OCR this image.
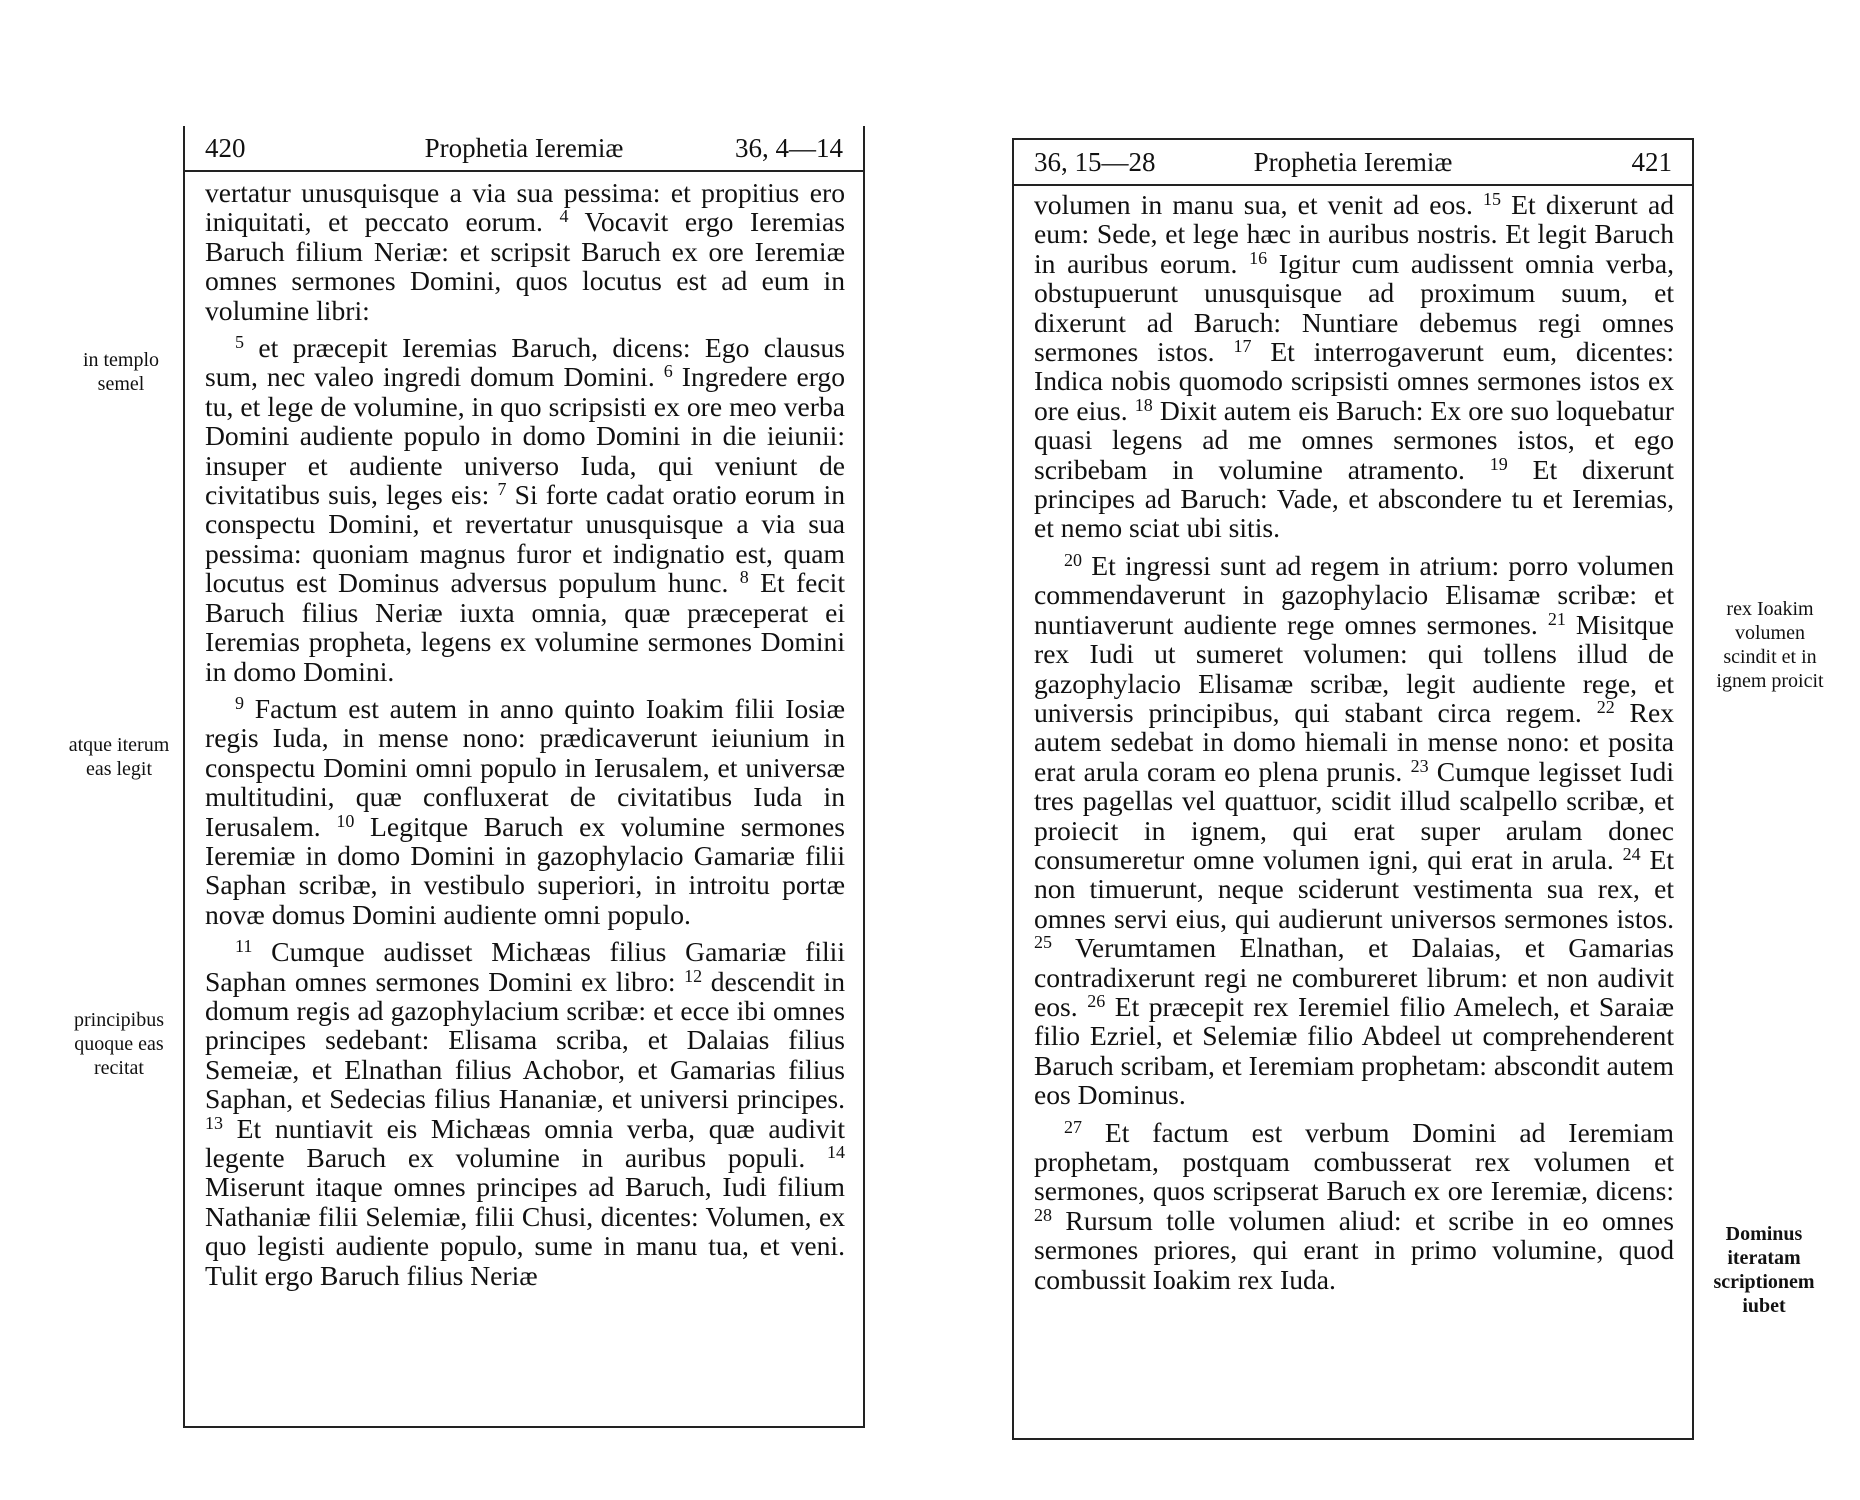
420	Prophetia Ieremiæ	36, 4—14

vertatur unusquisque a via sua pessima: et propitius ero iniquitati, et peccato eorum. $^4$ Vocavit ergo Ieremias Baruch filium Neriæ: et scripsit Baruch ex ore Ieremiæ omnes sermones Domini, quos locutus est ad eum in volumine libri:

$^5$ et præcepit Ieremias Baruch, dicens: Ego clausus sum, nec valeo ingredi domum Domini. $^6$ Ingredere ergo tu, et lege de volumine, in quo scripsisti ex ore meo verba Domini audiente populo in domo Domini in die ieiunii: insuper et audiente universo Iuda, qui veniunt de civitatibus suis, leges eis: $^7$ Si forte cadat oratio eorum in conspectu Domini, et revertatur unusquisque a via sua pessima: quoniam magnus furor et indignatio est, quam locutus est Dominus adversus populum hunc. $^8$ Et fecit Baruch filius Neriæ iuxta omnia, quæ præceperat ei Ieremias propheta, legens ex volumine sermones Domini in domo Domini.

$^9$ Factum est autem in anno quinto Ioakim filii Iosiæ regis Iuda, in mense nono: prædicaverunt ieiunium in conspectu Domini omni populo in Ierusalem, et universæ multitudini, quæ confluxerat de civitatibus Iuda in Ierusalem. $^{10}$ Legitque Baruch ex volumine sermones Ieremiæ in domo Domini in gazophylacio Gamariæ filii Saphan scribæ, in vestibulo superiori, in introitu portæ novæ domus Domini audiente omni populo.

$^{11}$ Cumque audisset Michæas filius Gamariæ filii Saphan omnes sermones Domini ex libro: $^{12}$ descendit in domum regis ad gazophylacium scribæ: et ecce ibi omnes principes sedebant: Elisama scriba, et Dalaias filius Semeiæ, et Elnathan filius Achobor, et Gamarias filius Saphan, et Sedecias filius Hananiæ, et universi principes. $^{13}$ Et nuntiavit eis Michæas omnia verba, quæ audivit legente Baruch ex volumine in auribus populi. $^{14}$ Miserunt itaque omnes principes ad Baruch, Iudi filium Nathaniæ filii Selemiæ, filii Chusi, dicentes: Volumen, ex quo legisti audiente populo, sume in manu tua, et veni. Tulit ergo Baruch filius Neriæ

in templo semel
atque iterum eas legit
principibus quoque eas recitat
36, 15—28	Prophetia Ieremiæ	421

volumen in manu sua, et venit ad eos. $^{15}$ Et dixerunt ad eum: Sede, et lege hæc in auribus nostris. Et legit Baruch in auribus eorum. $^{16}$ Igitur cum audissent omnia verba, obstupuerunt unusquisque ad proximum suum, et dixerunt ad Baruch: Nuntiare debemus regi omnes sermones istos. $^{17}$ Et interrogaverunt eum, dicentes: Indica nobis quomodo scripsisti omnes sermones istos ex ore eius. $^{18}$ Dixit autem eis Baruch: Ex ore suo loquebatur quasi legens ad me omnes sermones istos, et ego scribebam in volumine atramento. $^{19}$ Et dixerunt principes ad Baruch: Vade, et abscondere tu et Ieremias, et nemo sciat ubi sitis.

$^{20}$ Et ingressi sunt ad regem in atrium: porro volumen commendaverunt in gazophylacio Elisamæ scribæ: et nuntiaverunt audiente rege omnes sermones. $^{21}$ Misitque rex Iudi ut sumeret volumen: qui tollens illud de gazophylacio Elisamæ scribæ, legit audiente rege, et universis principibus, qui stabant circa regem. $^{22}$ Rex autem sedebat in domo hiemali in mense nono: et posita erat arula coram eo plena prunis. $^{23}$ Cumque legisset Iudi tres pagellas vel quattuor, scidit illud scalpello scribæ, et proiecit in ignem, qui erat super arulam donec consumeretur omne volumen igni, qui erat in arula. $^{24}$ Et non timuerunt, neque sciderunt vestimenta sua rex, et omnes servi eius, qui audierunt universos sermones istos. $^{25}$ Verumtamen Elnathan, et Dalaias, et Gamarias contradixerunt regi ne combureret librum: et non audivit eos. $^{26}$ Et præcepit rex Ieremiel filio Amelech, et Saraiæ filio Ezriel, et Selemiæ filio Abdeel ut comprehenderent Baruch scribam, et Ieremiam prophetam: abscondit autem eos Dominus.

$^{27}$ Et factum est verbum Domini ad Ieremiam prophetam, postquam combusserat rex volumen et sermones, quos scripserat Baruch ex ore Ieremiæ, dicens: $^{28}$ Rursum tolle volumen aliud: et scribe in eo omnes sermones priores, qui erant in primo volumine, quod combussit Ioakim rex Iuda.

rex Ioakim volumen scindit et in ignem proicit
Dominus iteratam scriptionem iubet
